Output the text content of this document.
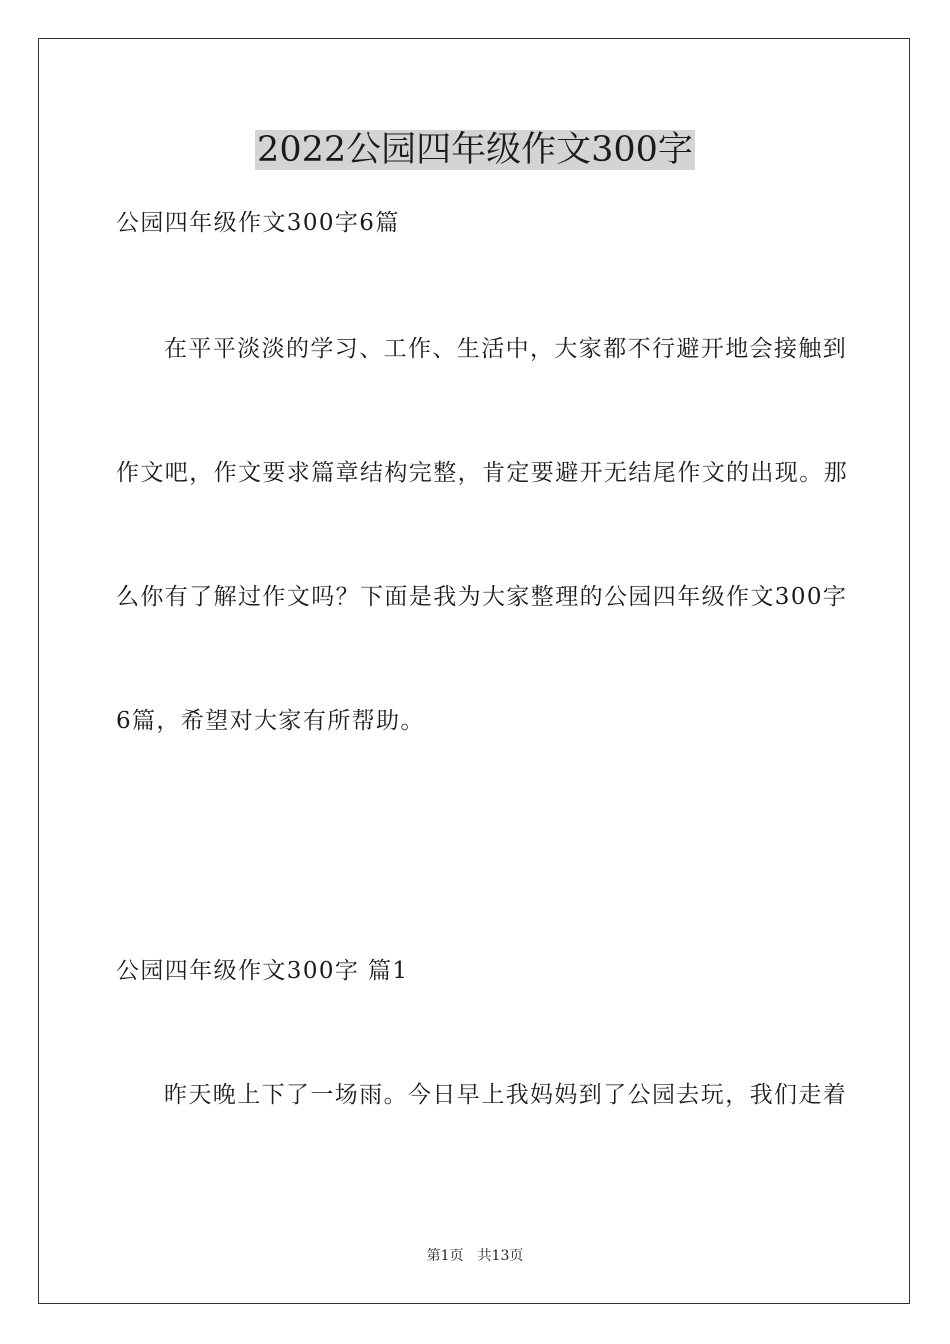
2022公园四年级作文300字
公园四年级作文300字6篇
在平平淡淡的学习、工作、生活中，大家都不行避开地会接触到
作文吧，作文要求篇章结构完整，肯定要避开无结尾作文的出现。那
么你有了解过作文吗？下面是我为大家整理的公园四年级作文300字
6篇，希望对大家有所帮助。
公园四年级作文300字 篇1
昨天晚上下了一场雨。今日早上我妈妈到了公园去玩，我们走着
第1页 共13页
